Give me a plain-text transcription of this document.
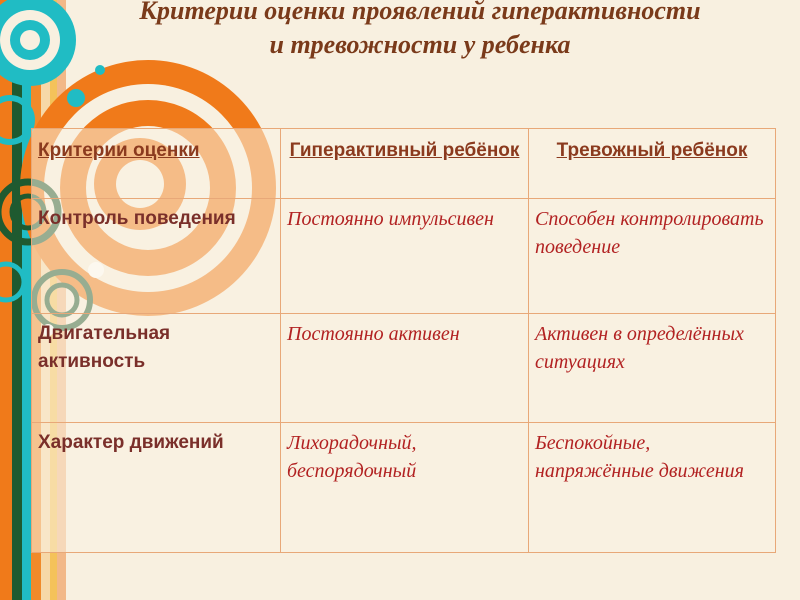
Критерии оценки проявлений гиперактивности
и тревожности у ребенка
Критерии оценки	Гиперактивный ребёнок	Тревожный ребёнок
Контроль поведения	Постоянно импульсивен	Способен контролировать поведение
Двигательная активность	Постоянно активен	Активен в определённых ситуациях
Характер движений	Лихорадочный, беспорядочный	Беспокойные, напряжённые движения
